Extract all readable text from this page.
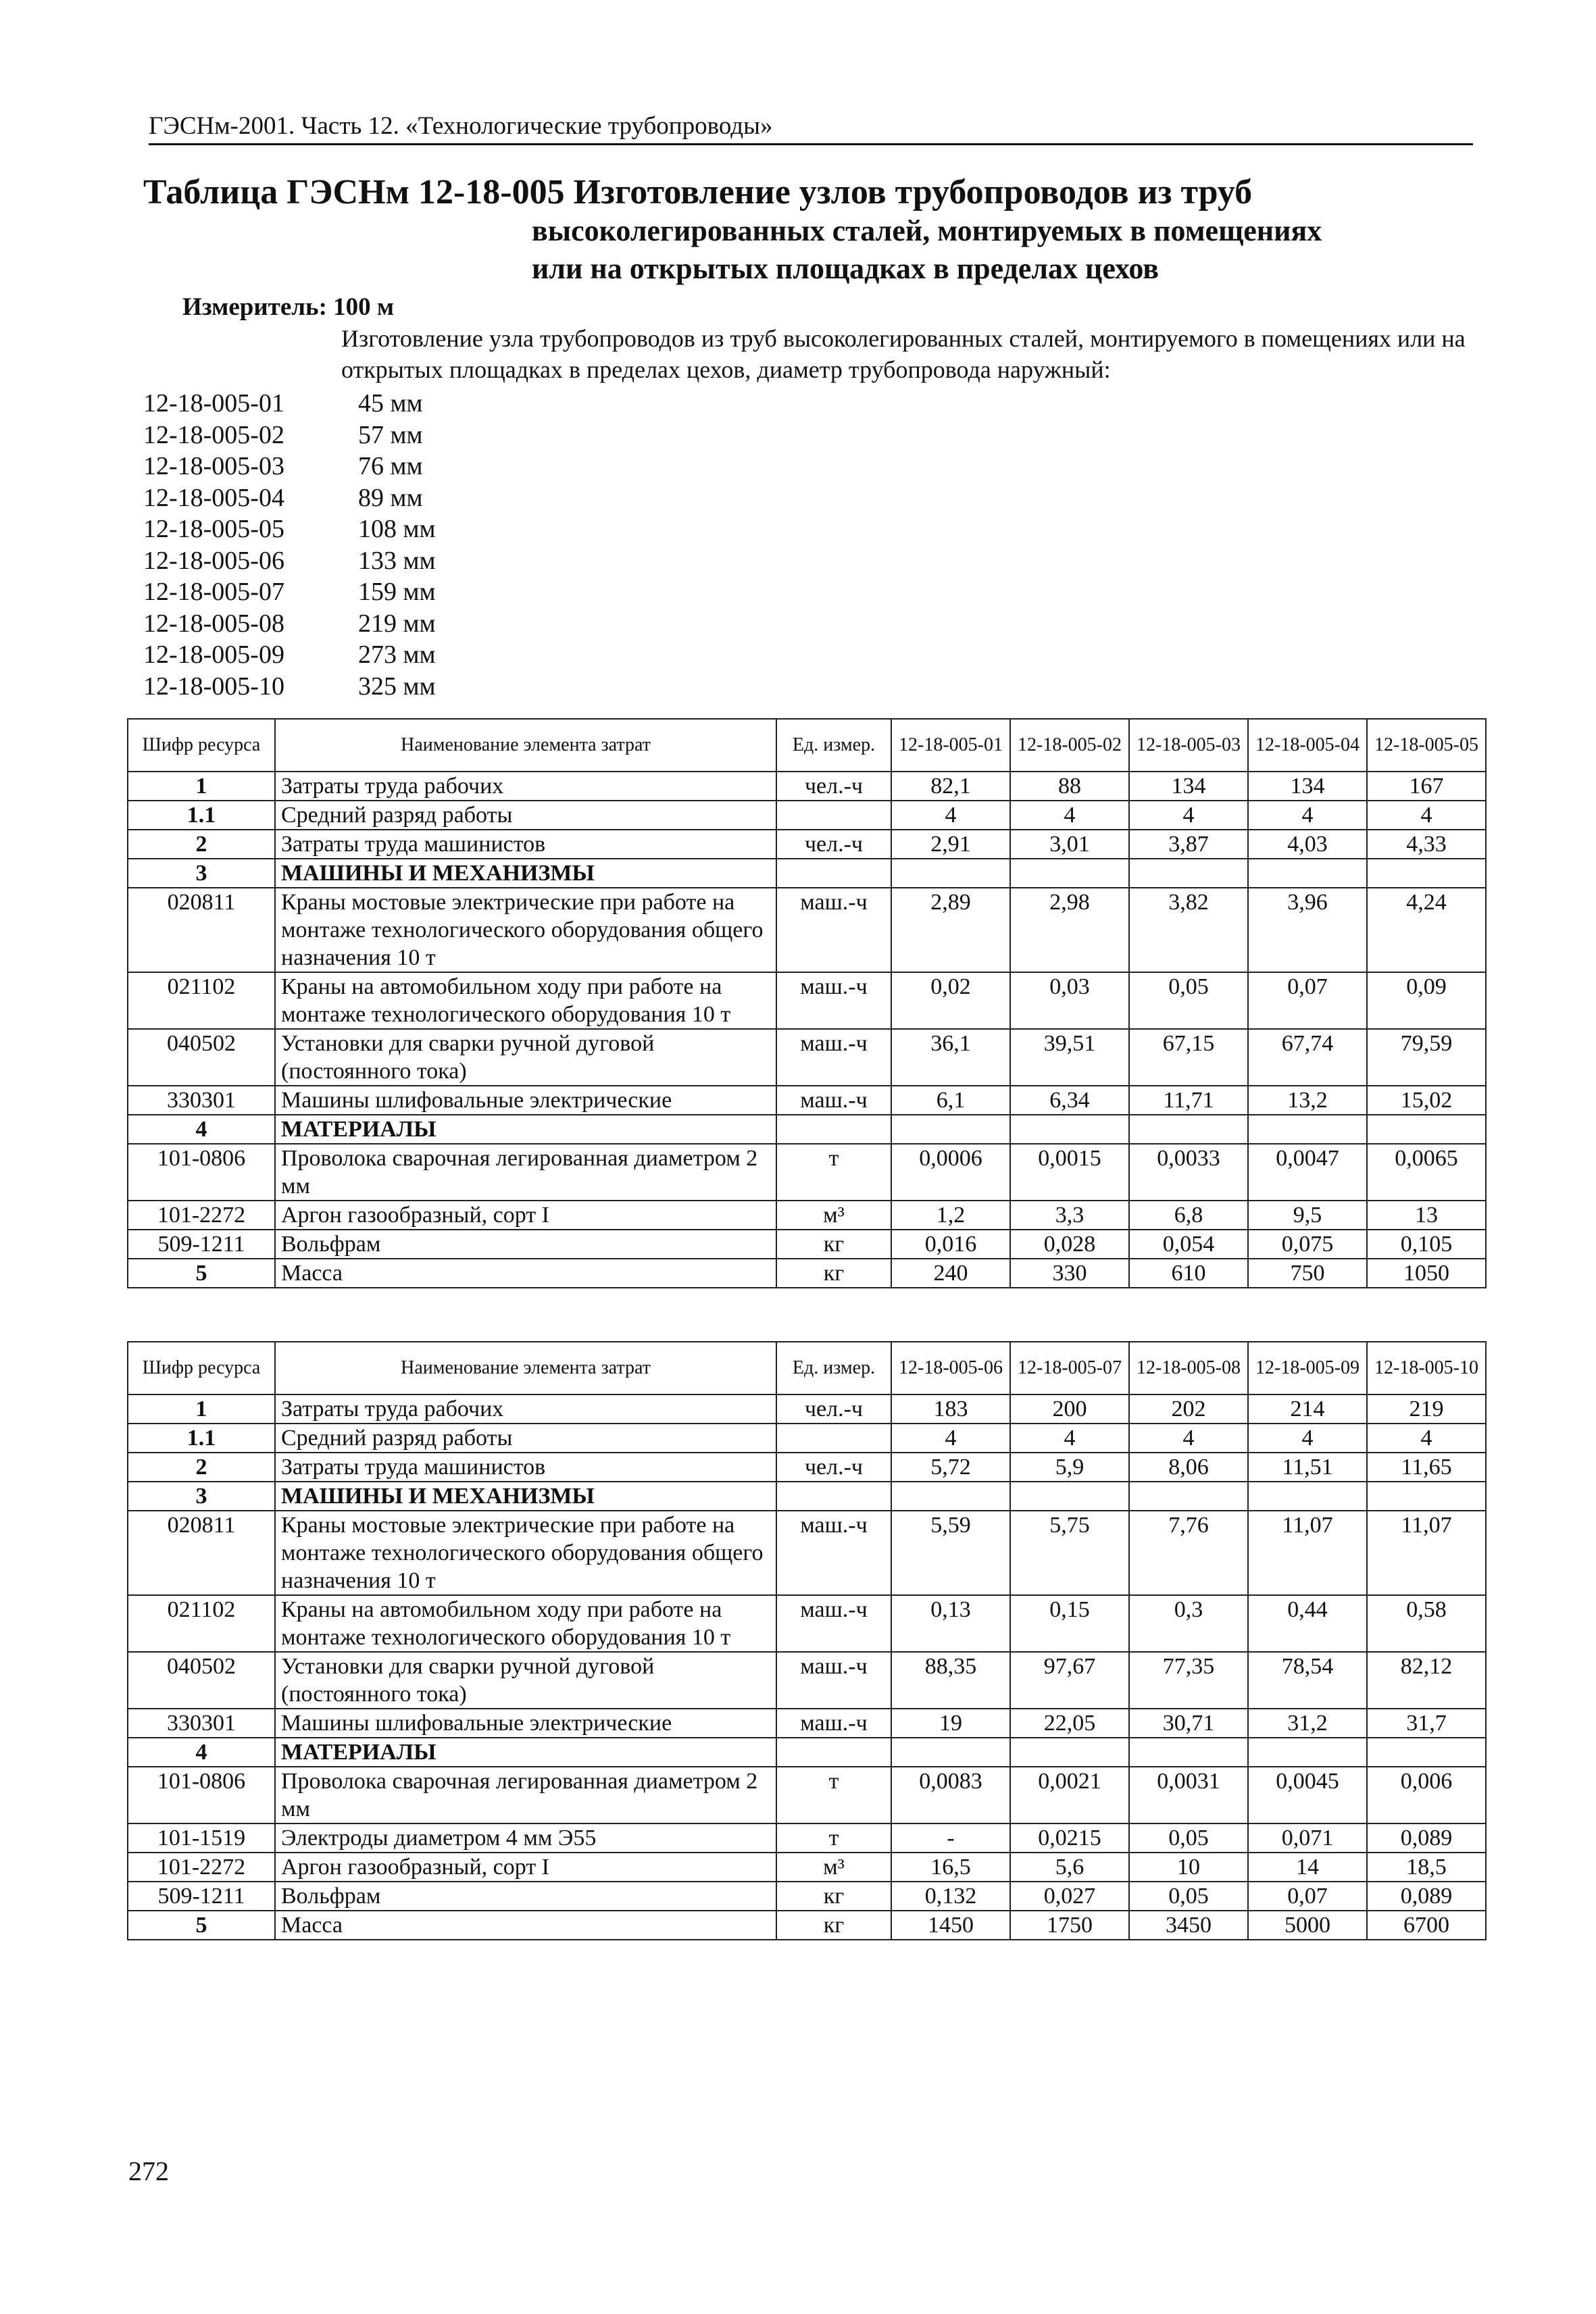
ГЭСНм-2001. Часть 12. «Технологические трубопроводы»
Таблица ГЭСНм 12-18-005 Изготовление узлов трубопроводов из труб
высоколегированных сталей, монтируемых в помещениях
или на открытых площадках в пределах цехов
Измеритель: 100 м
Изготовление узла трубопроводов из труб высоколегированных сталей, монтируемого в помещениях или на открытых площадках в пределах цехов, диаметр трубопровода наружный:
12-18-005-01	45 мм
12-18-005-02	57 мм
12-18-005-03	76 мм
12-18-005-04	89 мм
12-18-005-05	108 мм
12-18-005-06	133 мм
12-18-005-07	159 мм
12-18-005-08	219 мм
12-18-005-09	273 мм
12-18-005-10	325 мм
Шифр ресурса	Наименование элемента затрат	Ед. измер.	12-18-005-01	12-18-005-02	12-18-005-03	12-18-005-04	12-18-005-05
1	Затраты труда рабочих	чел.-ч	82,1	88	134	134	167
1.1	Средний разряд работы		4	4	4	4	4
2	Затраты труда машинистов	чел.-ч	2,91	3,01	3,87	4,03	4,33
3	МАШИНЫ И МЕХАНИЗМЫ						
020811	Краны мостовые электрические при работе на монтаже технологического оборудования общего назначения 10 т	маш.-ч	2,89	2,98	3,82	3,96	4,24
021102	Краны на автомобильном ходу при работе на монтаже технологического оборудования 10 т	маш.-ч	0,02	0,03	0,05	0,07	0,09
040502	Установки для сварки ручной дуговой (постоянного тока)	маш.-ч	36,1	39,51	67,15	67,74	79,59
330301	Машины шлифовальные электрические	маш.-ч	6,1	6,34	11,71	13,2	15,02
4	МАТЕРИАЛЫ						
101-0806	Проволока сварочная легированная диаметром 2 мм	т	0,0006	0,0015	0,0033	0,0047	0,0065
101-2272	Аргон газообразный, сорт I	м³	1,2	3,3	6,8	9,5	13
509-1211	Вольфрам	кг	0,016	0,028	0,054	0,075	0,105
5	Масса	кг	240	330	610	750	1050
Шифр ресурса	Наименование элемента затрат	Ед. измер.	12-18-005-06	12-18-005-07	12-18-005-08	12-18-005-09	12-18-005-10
1	Затраты труда рабочих	чел.-ч	183	200	202	214	219
1.1	Средний разряд работы		4	4	4	4	4
2	Затраты труда машинистов	чел.-ч	5,72	5,9	8,06	11,51	11,65
3	МАШИНЫ И МЕХАНИЗМЫ						
020811	Краны мостовые электрические при работе на монтаже технологического оборудования общего назначения 10 т	маш.-ч	5,59	5,75	7,76	11,07	11,07
021102	Краны на автомобильном ходу при работе на монтаже технологического оборудования 10 т	маш.-ч	0,13	0,15	0,3	0,44	0,58
040502	Установки для сварки ручной дуговой (постоянного тока)	маш.-ч	88,35	97,67	77,35	78,54	82,12
330301	Машины шлифовальные электрические	маш.-ч	19	22,05	30,71	31,2	31,7
4	МАТЕРИАЛЫ						
101-0806	Проволока сварочная легированная диаметром 2 мм	т	0,0083	0,0021	0,0031	0,0045	0,006
101-1519	Электроды диаметром 4 мм Э55	т	-	0,0215	0,05	0,071	0,089
101-2272	Аргон газообразный, сорт I	м³	16,5	5,6	10	14	18,5
509-1211	Вольфрам	кг	0,132	0,027	0,05	0,07	0,089
5	Масса	кг	1450	1750	3450	5000	6700
272
